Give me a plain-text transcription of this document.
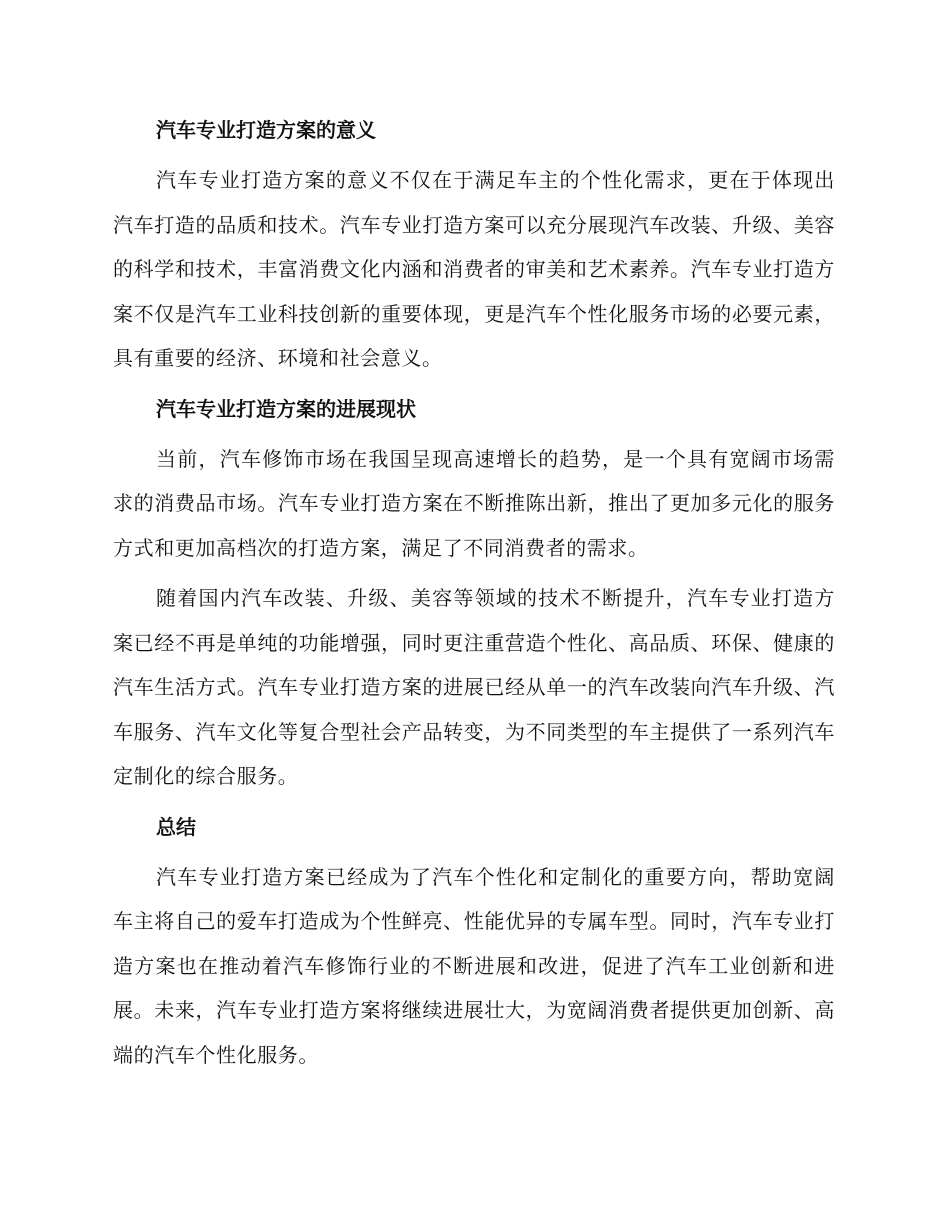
汽车专业打造方案的意义

汽车专业打造方案的意义不仅在于满足车主的个性化需求，更在于体现出汽车打造的品质和技术。汽车专业打造方案可以充分展现汽车改装、升级、美容的科学和技术，丰富消费文化内涵和消费者的审美和艺术素养。汽车专业打造方案不仅是汽车工业科技创新的重要体现，更是汽车个性化服务市场的必要元素，具有重要的经济、环境和社会意义。

汽车专业打造方案的进展现状

当前，汽车修饰市场在我国呈现高速增长的趋势，是一个具有宽阔市场需求的消费品市场。汽车专业打造方案在不断推陈出新，推出了更加多元化的服务方式和更加高档次的打造方案，满足了不同消费者的需求。

随着国内汽车改装、升级、美容等领域的技术不断提升，汽车专业打造方案已经不再是单纯的功能增强，同时更注重营造个性化、高品质、环保、健康的汽车生活方式。汽车专业打造方案的进展已经从单一的汽车改装向汽车升级、汽车服务、汽车文化等复合型社会产品转变，为不同类型的车主提供了一系列汽车定制化的综合服务。

总结

汽车专业打造方案已经成为了汽车个性化和定制化的重要方向，帮助宽阔车主将自己的爱车打造成为个性鲜亮、性能优异的专属车型。同时，汽车专业打造方案也在推动着汽车修饰行业的不断进展和改进，促进了汽车工业创新和进展。未来，汽车专业打造方案将继续进展壮大，为宽阔消费者提供更加创新、高端的汽车个性化服务。
